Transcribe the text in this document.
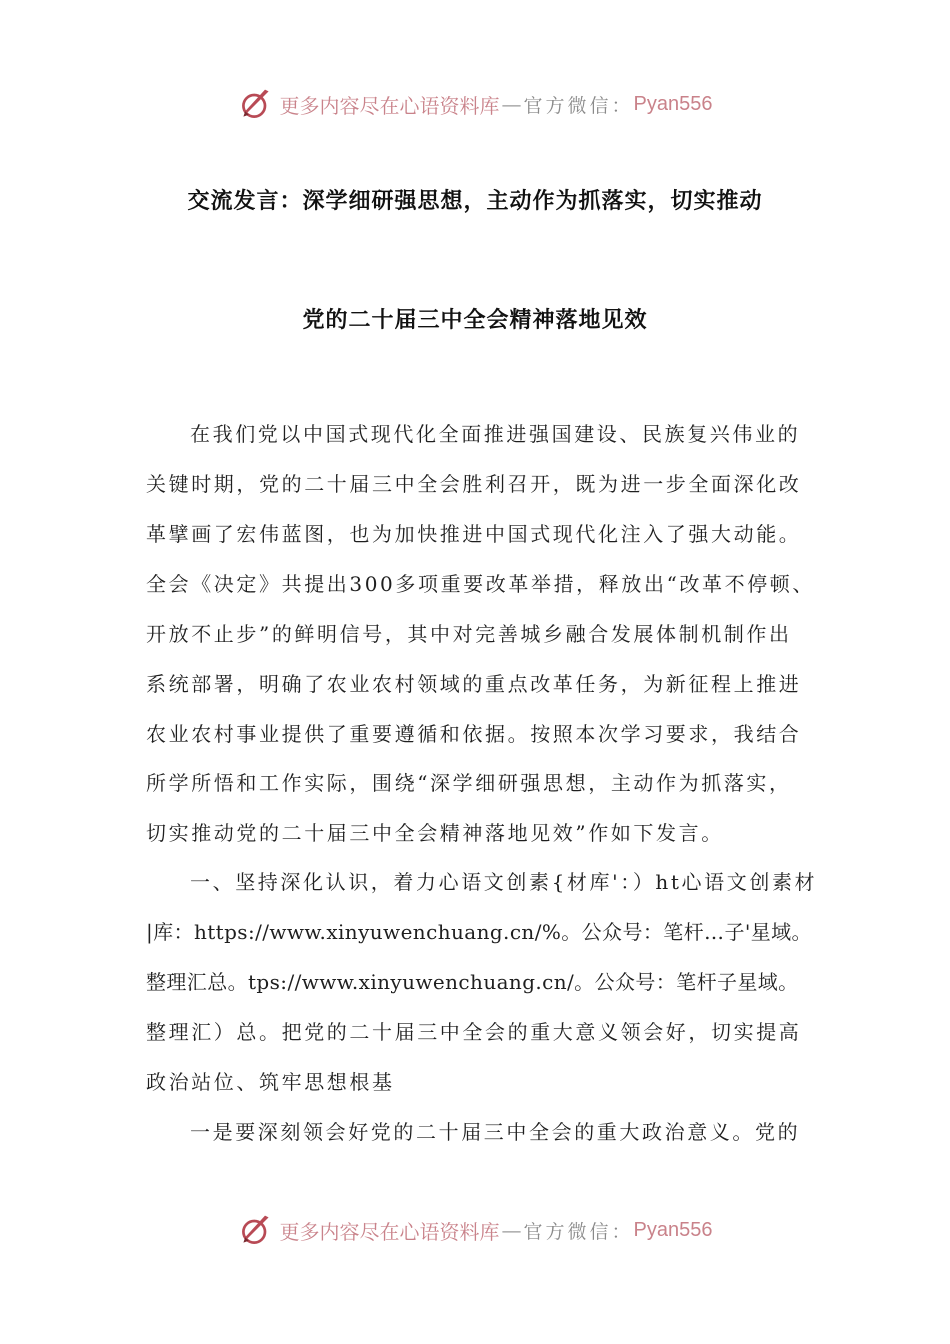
更多内容尽在心语资料库 — 官方微信： Pyan556
交流发言：深学细研强思想，主动作为抓落实，切实推动
党的二十届三中全会精神落地见效
在我们党以中国式现代化全面推进强国建设、民族复兴伟业的
关键时期，党的二十届三中全会胜利召开，既为进一步全面深化改
革擘画了宏伟蓝图，也为加快推进中国式现代化注入了强大动能。
全会《决定》共提出300多项重要改革举措，释放出“改革不停顿、
开放不止步”的鲜明信号，其中对完善城乡融合发展体制机制作出
系统部署，明确了农业农村领域的重点改革任务，为新征程上推进
农业农村事业提供了重要遵循和依据。按照本次学习要求，我结合
所学所悟和工作实际，围绕“深学细研强思想，主动作为抓落实，
切实推动党的二十届三中全会精神落地见效”作如下发言。
一、坚持深化认识，着力心语文创素{材库'：）ht心语文创素材
|库：https://www.xinyuwenchuang.cn/%。公众号：笔杆…子'星域。
整理汇总。tps://www.xinyuwenchuang.cn/。公众号：笔杆子星域。
整理汇）总。把党的二十届三中全会的重大意义领会好，切实提高
政治站位、筑牢思想根基
一是要深刻领会好党的二十届三中全会的重大政治意义。党的
更多内容尽在心语资料库 — 官方微信： Pyan556
